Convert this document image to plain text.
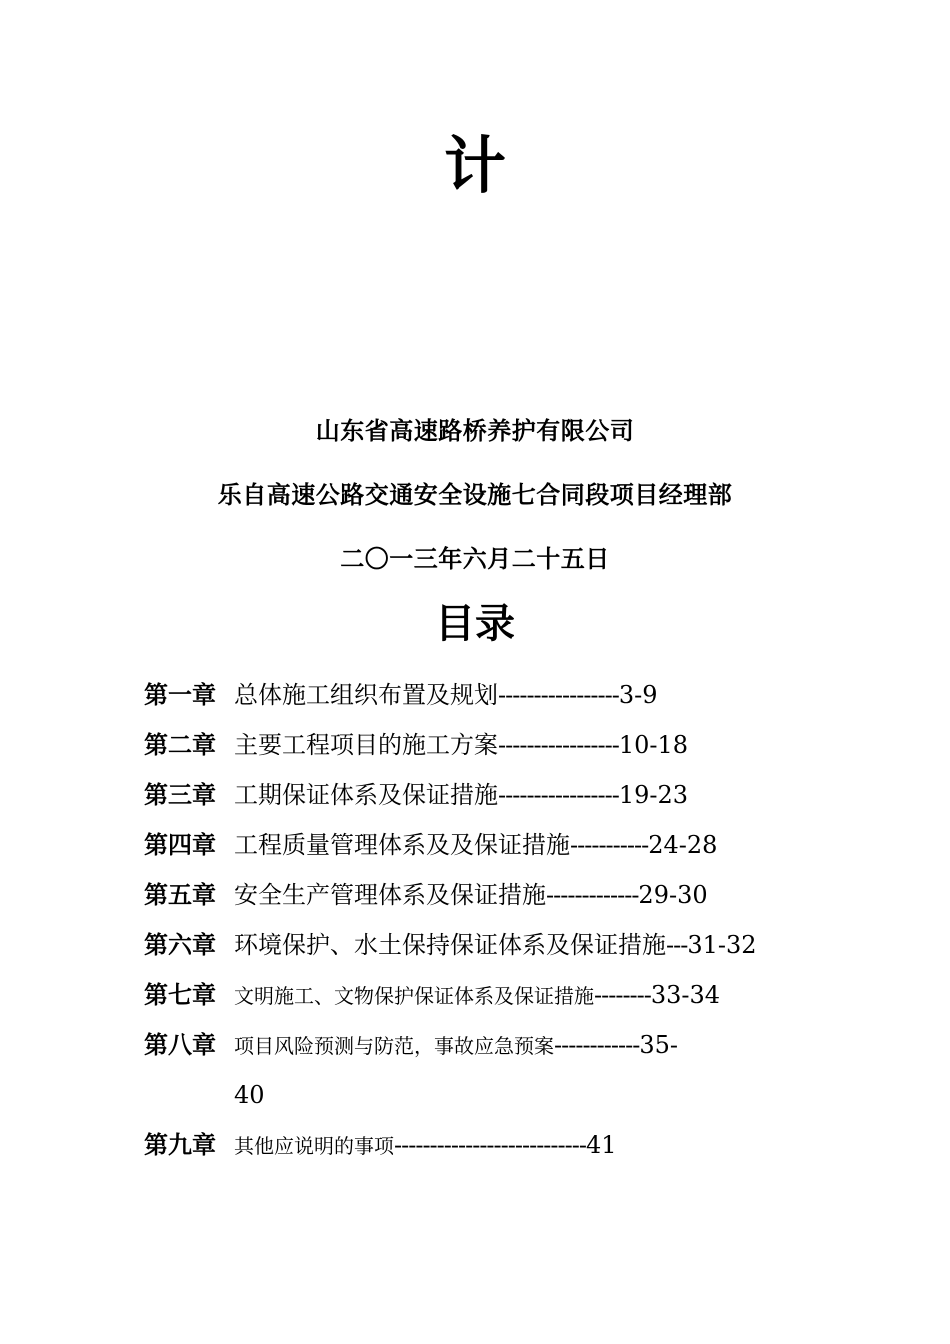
计
山东省高速路桥养护有限公司
乐自高速公路交通安全设施七合同段项目经理部
二〇一三年六月二十五日
目录
第一章 总体施工组织布置及规划-----------------3-9
第二章 主要工程项目的施工方案-----------------10-18
第三章 工期保证体系及保证措施-----------------19-23
第四章 工程质量管理体系及及保证措施-----------24-28
第五章 安全生产管理体系及保证措施-------------29-30
第六章 环境保护、水土保持保证体系及保证措施---31-32
第七章 文明施工、文物保护保证体系及保证措施--------33-34
第八章 项目风险预测与防范，事故应急预案------------35-
40
第九章 其他应说明的事项---------------------------41
